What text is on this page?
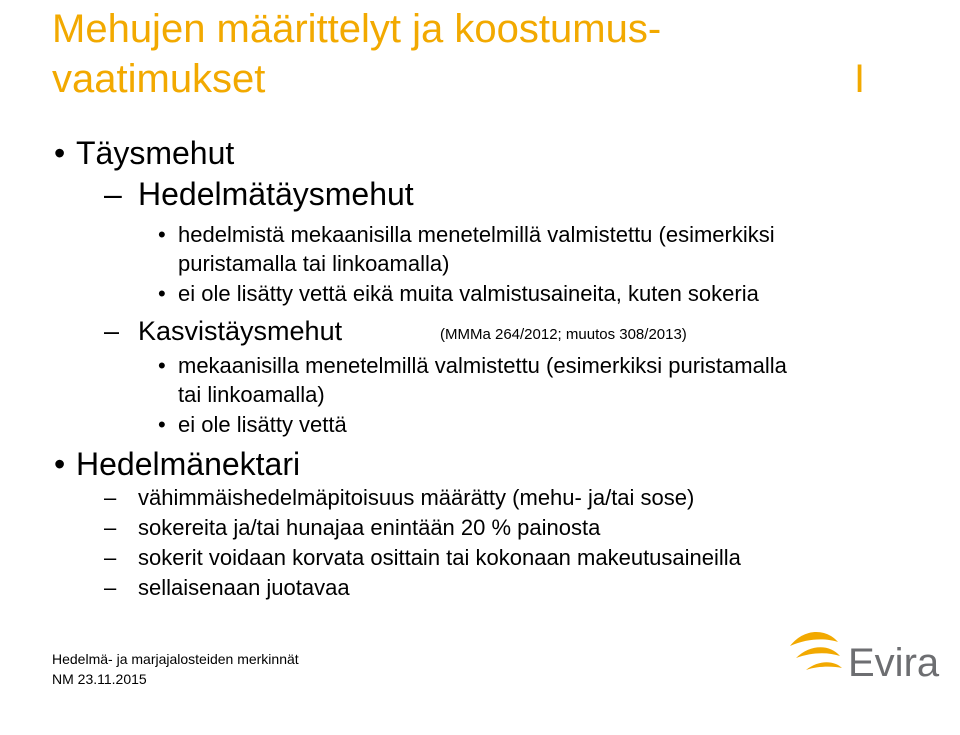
Mehujen määrittelyt ja koostumus-vaatimukset	I
• Täysmehut
– Hedelmätäysmehut
• hedelmistä mekaanisilla menetelmillä valmistettu (esimerkiksi
puristamalla tai linkoamalla)
• ei ole lisätty vettä eikä muita valmistusaineita, kuten sokeria
– Kasvistäysmehut	(MMMa 264/2012; muutos 308/2013)
• mekaanisilla menetelmillä valmistettu (esimerkiksi puristamalla
tai linkoamalla)
• ei ole lisätty vettä
• Hedelmänektari
– vähimmäishedelmäpitoisuus määrätty (mehu- ja/tai sose)
– sokereita ja/tai hunajaa enintään 20 % painosta
– sokerit voidaan korvata osittain tai kokonaan makeutusaineilla
– sellaisenaan juotavaa
Hedelmä- ja marjajalosteiden merkinnät
NM 23.11.2015	Evira
